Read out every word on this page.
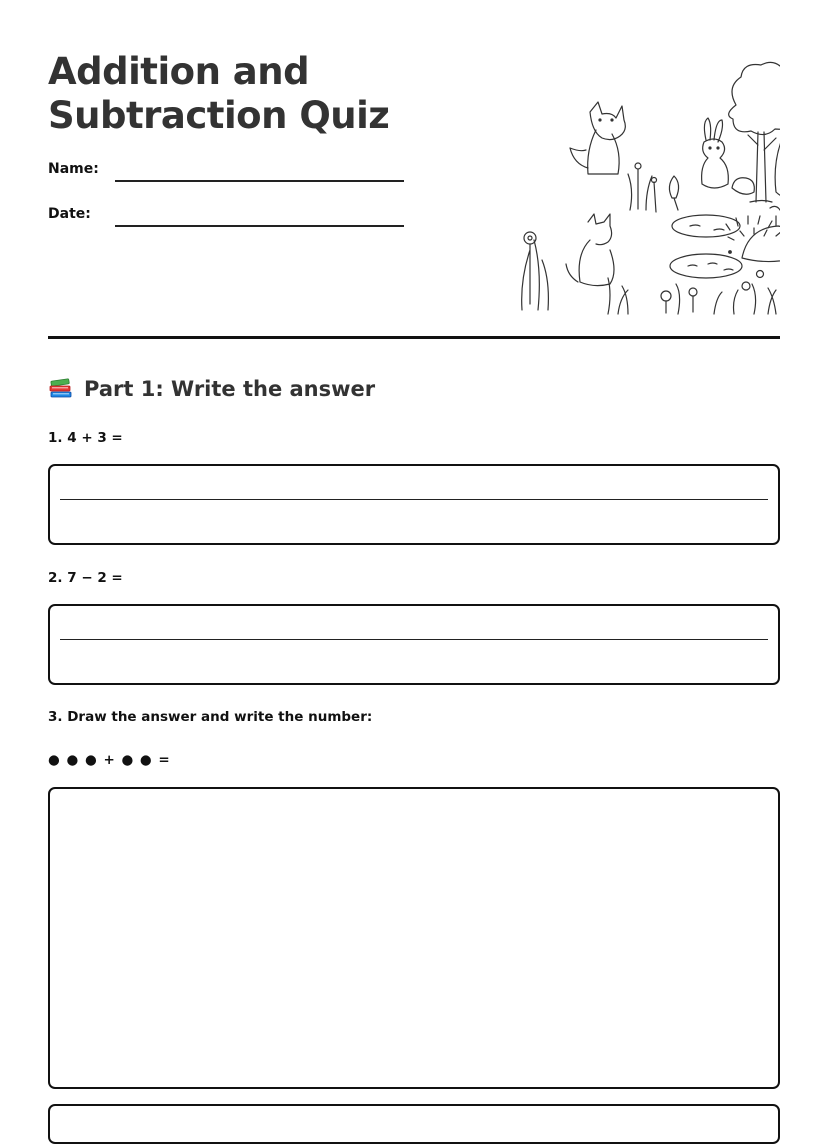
Addition and
Subtraction Quiz
Name:
Date:
Part 1: Write the answer
1. 4 + 3 =
2. 7 − 2 =
3. Draw the answer and write the number:
● ● ● + ● ● =
